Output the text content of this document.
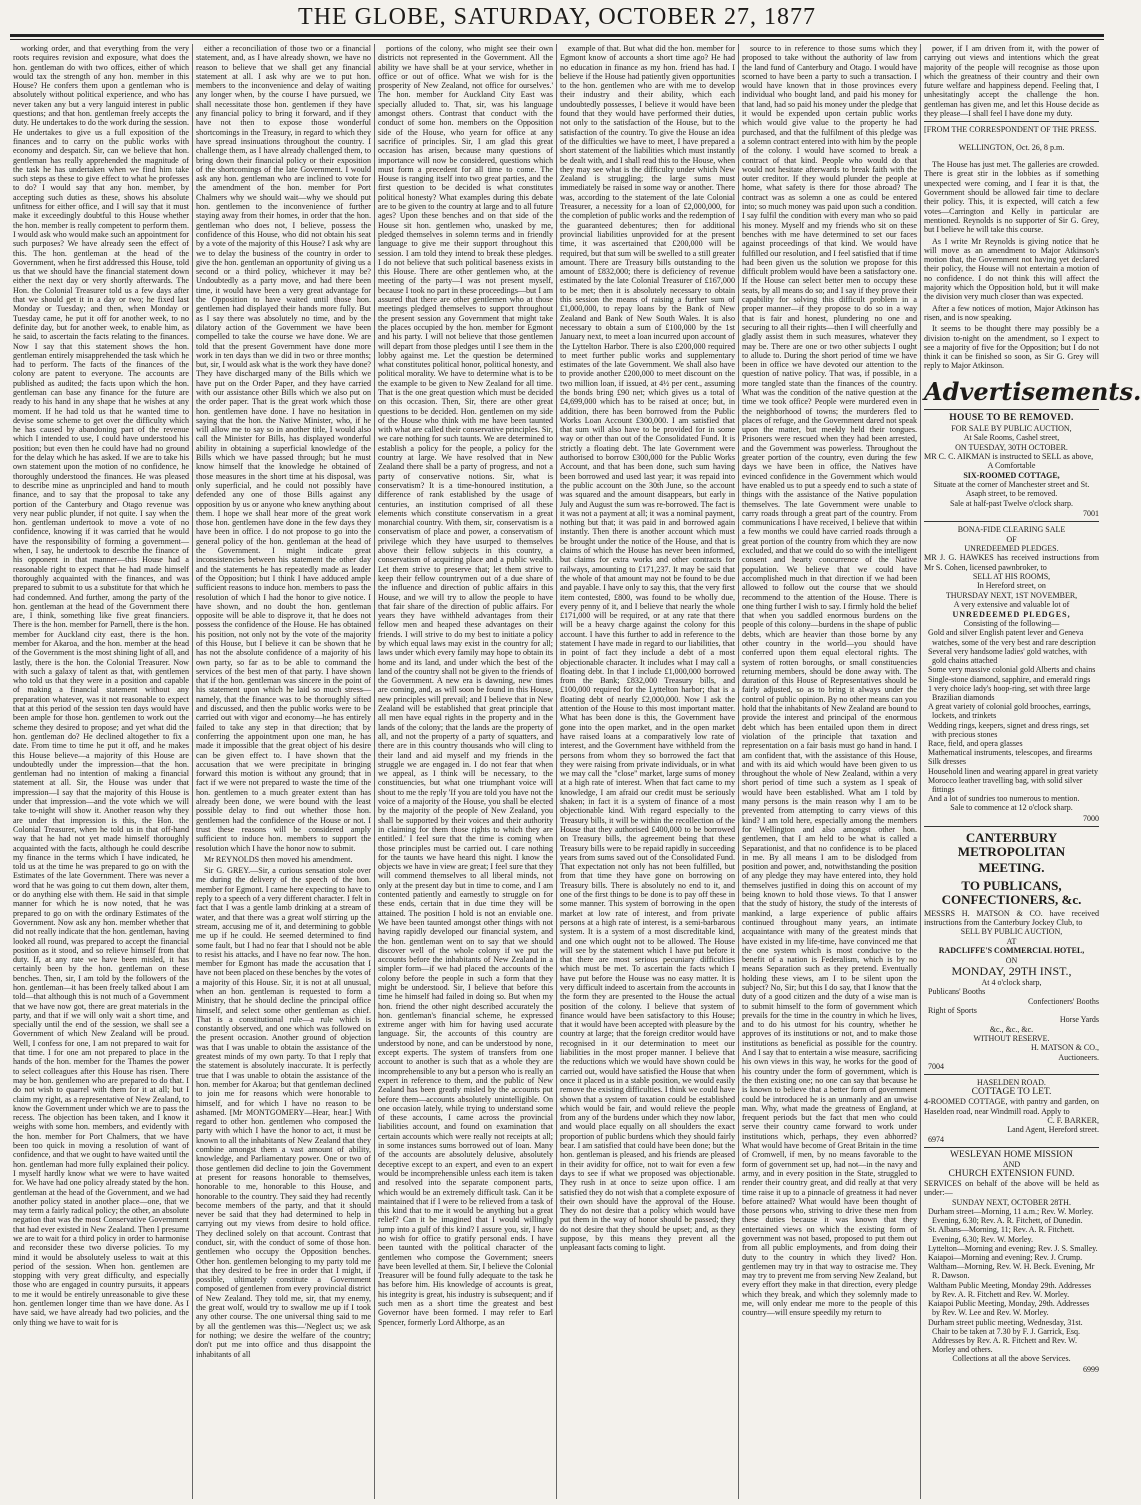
THE GLOBE, SATURDAY, OCTOBER 27, 1877

working order, and that everything from the very roots requires revision and exposure, what does the hon. gentleman do with two offices, either of which would tax the strength of any hon. member in this House? He confers them upon a gentleman who is absolutely without political experience, and who has never taken any but a very languid interest in public questions; and that hon. gentleman freely accepts the duty. He undertakes to do the work during the session. He undertakes to give us a full exposition of the finances and to carry on the public works with economy and despatch. Sir, can we believe that hon. gentleman has really apprehended the magnitude of the task he has undertaken when we find him take such steps as these to give effect to what he professes to do? I would say that any hon. member, by accepting such duties as these, shows his absolute unfitness for either office, and I will say that it must make it exceedingly doubtful to this House whether the hon. member is really competent to perform them. I would ask who would make such an appointment for such purposes? We have already seen the effect of this. The hon. gentleman at the head of the Government, when he first addressed this House, told us that we should have the financial statement down either the next day or very shortly afterwards. The Hon. the Colonial Treasurer told us a few days after that we should get it in a day or two; he fixed last Monday or Tuesday; and then, when Monday or Tuesday came, he put it off for another week, to no definite day, but for another week, to enable him, as he said, to ascertain the facts relating to the finances. Now I say that this statement shows the hon. gentleman entirely misapprehended the task which he had to perform. The facts of the finances of the colony are patent to everyone. The accounts are published as audited; the facts upon which the hon. gentleman can base any finance for the future are ready to his hand in any shape that he wishes at any moment. If he had told us that he wanted time to devise some scheme to get over the difficulty which he has caused by abandoning part of the revenue which I intended to use, I could have understood his position; but even then he could have had no ground for the delay which he has asked. If we are to take his own statement upon the motion of no confidence, he thoroughly understood the finances. He was pleased to describe mine as unprincipled and hand to mouth finance, and to say that the proposal to take any portion of the Canterbury and Otago revenue was very near public plunder, if not quite. I say when the hon. gentleman undertook to move a vote of no confidence, knowing if it was carried that he would have the responsibility of forming a government—when, I say, he undertook to describe the finance of his opponent in that manner—this House had a reasonable right to expect that he had made himself thoroughly acquainted with the finances, and was prepared to submit to us a substitute for that which he had condemned. And further, among the party of the hon. gentleman at the head of the Government there are, I think, something like five great financiers. There is the hon. member for Parnell, there is the hon. member for Auckland city east, there is the hon. member for Akaroa, and the hon. member at the head of the Government is the most shining light of all, and lastly, there is the hon. the Colonial Treasurer. Now with such a galaxy of talent as that, with gentlemen who told us that they were in a position and capable of making a financial statement without any preparation whatever, was it not reasonable to expect that at this period of the session ten days would have been ample for those hon. gentlemen to work out the scheme they desired to propose; and yet what did the hon. gentleman do? He declined altogether to fix a date. From time to time he put it off, and he makes this House believe—a majority of this House are undoubtedly under the impression—that the hon. gentleman had no intention of making a financial statement at all. Sir, the House was under that impression—I say that the majority of this House is under that impression—and the vote which we will take to-night will show it. Another reason why they are under that impression is this, the Hon. the Colonial Treasurer, when he told us in that off-hand way that he had not yet made himself thoroughly acquainted with the facts, although he could describe my finance in the terms which I have indicated, he told us at the time he was prepared to go on with the Estimates of the late Government. There was never a word that he was going to cut them down, alter them, or do anything else with them. He said in that simple manner for which he is now noted, that he was prepared to go on with the ordinary Estimates of the Government. Now ask any hon. member whether that did not really indicate that the hon. gentleman, having looked all round, was prepared to accept the financial position as it stood, and so relieve himself from that duty. If, at any rate we have been misled, it has certainly been by the hon. gentleman on these benches. Then, sir, I am told by the followers of the hon. gentleman—it has been freely talked about I am told—that although this is not much of a Government that we have now got, there are great materials in the party, and that if we will only wait a short time, and specially until the end of the session, we shall see a Government of which New Zealand will be proud. Well, I confess for one, I am not prepared to wait for that time. I for one am not prepared to place in the hands of the hon. member for the Thames the power to select colleagues after this House has risen. There may be hon. gentlemen who are prepared to do that. I do not wish to quarrel with them for it at all; but I claim my right, as a representative of New Zealand, to know the Government under which we are to pass the recess. The objection has been taken, and I know it weighs with some hon. members, and evidently with the hon. member for Port Chalmers, that we have been too quick in moving a resolution of want of confidence, and that we ought to have waited until the hon. gentleman had more fully explained their policy. I myself hardly know what we were to have waited for. We have had one policy already stated by the hon. gentleman at the head of the Government, and we had another policy stated in another place—one, that we may term a fairly radical policy; the other, an absolute negation that was the most Conservative Government that had ever existed in New Zealand. Then I presume we are to wait for a third policy in order to harmonise and reconsider these two diverse policies. To my mind it would be absolutely useless to wait at this period of the session. When hon. gentlemen are stopping with very great difficulty, and especially those who are engaged in country pursuits, it appears to me it would be entirely unreasonable to give these hon. gentlemen longer time than we have done. As I have said, we have already had two policies, and the only thing we have to wait for is

either a reconciliation of those two or a financial statement, and, as I have already shown, we have no reason to believe that we shall get any financial statement at all. I ask why are we to put hon. members to the inconvenience and delay of waiting any longer when, by the course I have pursued, we shall necessitate those hon. gentlemen if they have any financial policy to bring it forward, and if they have not then to expose those wonderful shortcomings in the Treasury, in regard to which they have spread insinuations throughout the country. I challenge them, as I have already challenged them, to bring down their financial policy or their exposition of the shortcomings of the late Government. I would ask any hon. gentleman who are inclined to vote for the amendment of the hon. member for Port Chalmers why we should wait—why we should put hon. gentlemen to the inconvenience of further staying away from their homes, in order that the hon. gentleman who does not, I believe, possess the confidence of this House, who did not obtain his seat by a vote of the majority of this House? I ask why are we to delay the business of the country in order to give the hon. gentleman an opportunity of giving us a second or a third policy, whichever it may be? Undoubtedly as a party move, and had there been time, it would have been a very great advantage for the Opposition to have waited until those hon. gentlemen had displayed their hands more fully. But as I say there was absolutely no time, and by the dilatory action of the Government we have been compelled to take the course we have done. We are told that the present Government have done more work in ten days than we did in two or three months; but, sir, I would ask what is the work they have done? They have discharged many of the Bills which we have put on the Order Paper, and they have carried with our assistance other Bills which we also put on the order paper. That is the great work which those hon. gentlemen have done. I have no hesitation in saying that the hon. the Native Minister, who, if he will allow me to say so in another title, I would also call the Minister for Bills, has displayed wonderful ability in obtaining a superficial knowledge of the Bills which we have passed through; but he must know himself that the knowledge he obtained of those measures in the short time at his disposal, was only superficial, and he could not possibly have defended any one of those Bills against any opposition by us or anyone who knew anything about them. I hope we shall hear more of the great work those hon. gentlemen have done in the few days they have been in office. I do not propose to go into the general policy of the hon. gentleman at the head of the Government. I might indicate great inconsistencies between his statement the other day and the statements he has repeatedly made as leader of the Opposition; but I think I have adduced ample sufficient reasons to induce hon. members to pass the resolution of which I had the honor to give notice. I have shown, and no doubt the hon. gentleman opposite will be able to disprove it, that he does not possess the confidence of the House. He has obtained his position, not only not by the vote of the majority of this House, but I believe it can be shown that he has not the absolute confidence of a majority of his own party, so far as to be able to command the services of the best men of that party. I have shown that if the hon. gentleman was sincere in the point of his statement upon which he laid so much stress—namely, that the finance was to be thoroughly sifted and discussed, and then the public works were to be carried out with vigor and economy—he has entirely failed to take any step in that direction; that by conferring the appointment upon one man, he has made it impossible that the great object of his desire can be given effect to. I have shown that the accusation that we were precipitate in bringing forward this motion is without any ground; that in fact if we were not prepared to waste the time of the hon. gentlemen to a much greater extent than has already been done, we were bound with the least possible delay to find out whether those hon. gentlemen had the confidence of the House or not. I trust these reasons will be considered amply sufficient to induce hon. members to support the resolution which I have the honor now to submit.

Mr REYNOLDS then moved his amendment.

Sir G. GREY.—Sir, a curious sensation stole over me during the delivery of the speech of the hon. member for Egmont. I came here expecting to have to reply to a speech of a very different character. I felt in fact that I was a gentle lamb drinking at a stream of water, and that there was a great wolf stirring up the stream, accusing me of it, and determining to gobble me up if he could. He seemed determined to find some fault, but I had no fear that I should not be able to resist his attacks, and I have no fear now. The hon. member for Egmont has made the accusation that I have not been placed on these benches by the votes of a majority of this House. Sir, it is not at all unusual, when an hon. gentleman is requested to form a Ministry, that he should decline the principal office himself, and select some other gentleman as chief. That is a constitutional rule—a rule which is constantly observed, and one which was followed on the present occasion. Another ground of objection was that I was unable to obtain the assistance of the greatest minds of my own party. To that I reply that the statement is absolutely inaccurate. It is perfectly true that I was unable to obtain the assistance of the hon. member for Akaroa; but that gentleman declined to join me for reasons which were honorable to himself, and for which I have no reason to be ashamed. [Mr MONTGOMERY—Hear, hear.] With regard to other hon. gentlemen who composed the party with which I have the honor to act, it must be known to all the inhabitants of New Zealand that they combine amongst them a vast amount of ability, knowledge, and Parliamentary power. One or two of those gentlemen did decline to join the Government at present for reasons honorable to themselves, honorable to me, honorable to this House, and honorable to the country. They said they had recently become members of the party, and that it should never be said that they had determined to help in carrying out my views from desire to hold office. They declined solely on that account. Contrast that conduct, sir, with the conduct of some of those hon. gentlemen who occupy the Opposition benches. Other hon. gentlemen belonging to my party told me that they desired to be free in order that I might, if possible, ultimately constitute a Government composed of gentlemen from every provincial district of New Zealand. They told me, sir, that my enemy, the great wolf, would try to swallow me up if I took any other course. The one universal thing said to me by all the gentlemen was this—'Neglect us; we ask for nothing; we desire the welfare of the country; don't put me into office and thus disappoint the inhabitants of all

portions of the colony, who might see their own districts not represented in the Government. All the ability we have shall be at your service, whether in office or out of office. What we wish for is the prosperity of New Zealand, not office for ourselves.' The hon. member for Auckland City East was specially alluded to. That, sir, was his language amongst others. Contrast that conduct with the conduct of some hon. members on the Opposition side of the House, who yearn for office at any sacrifice of principles. Sir, I am glad this great occasion has arisen, because many questions of importance will now be considered, questions which must form a precedent for all time to come. The House is ranging itself into two great parties, and the first question to be decided is what constitutes political honesty? What examples during this debate are to be given to the country at large and to all future ages? Upon these benches and on that side of the House sit hon. gentlemen who, unasked by me, pledged themselves in solemn terms and in friendly language to give me their support throughout this session. I am told they intend to break these pledges. I do not believe that such political baseness exists in this House. There are other gentlemen who, at the meeting of the party—I was not present myself, because I took no part in these proceedings—but I am assured that there are other gentlemen who at those meetings pledged themselves to support throughout the present session any Government that might take the places occupied by the hon. member for Egmont and his party. I will not believe that those gentlemen will depart from those pledges until I see them in the lobby against me. Let the question be determined what constitutes political honor, political honesty, and political morality. We have to determine what is to be the example to be given to New Zealand for all time. That is the one great question which must be decided on this occasion. Then, Sir, there are other great questions to be decided. Hon. gentlemen on my side of the House who think with me have been taunted with what are called their conservative principles. Sir, we care nothing for such taunts. We are determined to establish a policy for the people, a policy for the country at large. We have resolved that in New Zealand there shall be a party of progress, and not a party of conservative notions. Sir, what is conservatism? It is a time-honoured institution, a difference of rank established by the usage of centuries, an institution comprised of all these elements which constitute conservatism in a great monarchial country. With them, sir, conservatism is a conservatism of place and power, a conservatism of privilege which they have usurped to themselves above their fellow subjects in this country, a conservatism of acquiring place and a public wealth. Let them strive to preserve that; let them strive to keep their fellow countrymen out of a due share of the influence and direction of public affairs in this House, and we will try to allow the people to have that fair share of the direction of public affairs. For years they have withheld advantages from their fellow men and heaped these advantages on their friends. I will strive to do my best to initiate a policy by which equal laws may exist in the country for all; laws under which every family may hope to obtain its home and its land, and under which the best of the land of the country shall not be given to the friends of the Government. A new era is dawning, new times are coming, and, as will soon be found in this House, new principles will prevail; and I believe that in New Zealand will be established that great principle that all men have equal rights in the property and in the lands of the colony; that the lands are the property of all, and not the property of a party of squatters, and there are in this country thousands who will cling to their land and aid myself and my friends in the struggle we are engaged in. I do not fear that when we appeal, as I think will be necessary, to the constituencies, but what one triumphant voice will shout to me the reply 'If you are told you have not the voice of a majority of the House, you shall be elected by the majority of the people of New Zealand, you shall be supported by their voices and their authority in claiming for them those rights to which they are entitled.' I feel sure that the time is coming when those principles must be carried out. I care nothing for the taunts we have heard this night. I know the objects we have in view are great; I feel sure that they will commend themselves to all liberal minds, not only at the present day but in time to come, and I am contented patiently and earnestly to struggle on for these ends, certain that in due time they will be attained. The position I hold is not an enviable one. We have been taunted amongst other things with not having rapidly developed our financial system, and the hon. gentleman went on to say that we should discover well of the whole colony if we put the accounts before the inhabitants of New Zealand in a simpler form—if we had placed the accounts of the colony before the people in such a form that they might be understood. Sir, I believe that before this time he himself had failed in doing so. But when my hon. friend the other night described accurately the hon. gentleman's financial scheme, he expressed extreme anger with him for having used accurate language. Sir, the accounts of this country are understood by none, and can be understood by none, except experts. The system of transfers from one account to another is such that as a whole they are incomprehensible to any but a person who is really an expert in reference to them, and the public of New Zealand has been greatly misled by the accounts put before them—accounts absolutely unintelligible. On one occasion lately, while trying to understand some of these accounts, I came across the provincial liabilities account, and found on examination that certain accounts which were really not receipts at all; in some instances sums borrowed out of loan. Many of the accounts are absolutely delusive, absolutely deceptive except to an expert, and even to an expert would be incomprehensible unless each item is taken and resolved into the separate component parts, which would be an extremely difficult task. Can it be maintained that if I were to be relieved from a task of this kind that to me it would be anything but a great relief? Can it be imagined that I would willingly jump into a gulf of this kind? I assure you, sir, I have no wish for office to gratify personal ends. I have been taunted with the political character of the gentlemen who compose the Government; sneers have been levelled at them. Sir, I believe the Colonial Treasurer will be found fully adequate to the task he has before him. His knowledge of accounts is great, his integrity is great, his industry is subsequent; and if such men as a short time the greatest and best Governor have been formed. I may refer to Earl Spencer, formerly Lord Althorpe, as an

example of that. But what did the hon. member for Egmont know of accounts a short time ago? He had no education in finance as my hon. friend has had. I believe if the House had patiently given opportunities to the hon. gentlemen who are with me to develop their industry and their ability, which each undoubtedly possesses, I believe it would have been found that they would have performed their duties, not only to the satisfaction of the House, but to the satisfaction of the country. To give the House an idea of the difficulties we have to meet, I have prepared a short statement of the liabilities which must instantly be dealt with, and I shall read this to the House, when they may see what is the difficulty under which New Zealand is struggling; the large sums must immediately be raised in some way or another. There was, according to the statement of the late Colonial Treasurer, a necessity for a loan of £2,000,000, for the completion of public works and the redemption of the guaranteed debentures; then for additional provincial liabilities unprovided for at the present time, it was ascertained that £200,000 will be required, but that sum will be swelled to a still greater amount. There are Treasury bills outstanding to the amount of £832,000; there is deficiency of revenue estimated by the late Colonial Treasurer of £167,000 to be met; then it is absolutely necessary to obtain this session the means of raising a further sum of £1,000,000, to repay loans by the Bank of New Zealand and Bank of New South Wales. It is also necessary to obtain a sum of £100,000 by the 1st January next, to meet a loan incurred upon account of the Lyttelton Harbor. There is also £200,000 required to meet further public works and supplementary estimates of the late Government. We shall also have to provide another £200,000 to meet discount on the two million loan, if issued, at 4½ per cent., assuming the bonds bring £90 net; which gives us a total of £4,699,000 which has to be raised at once; but, in addition, there has been borrowed from the Public Works Loan Account £300,000. I am satisfied that that sum will also have to be provided for in some way or other than out of the Consolidated Fund. It is strictly a floating debt. The late Government were authorised to borrow £300,000 for the Public Works Account, and that has been done, such sum having been borrowed and used last year; it was repaid into the public account on the 30th June, so the account was squared and the amount disappears, but early in July and August the sum was re-borrowed. The fact is it was not a payment at all; it was a nominal payment, nothing but that; it was paid in and borrowed again instantly. Then there is another account which must be brought under the notice of the House, and that is claims of which the House has never been informed, but claims for extra works and other contracts for railways, amounting to £171,237. It may be said that the whole of that amount may not be found to be due and payable. I have only to say this, that the very first item contested, £800, was found to be wholly due, every penny of it, and I believe that nearly the whole £171,000 will be required, or at any rate that there will be a heavy charge against the colony for this account. I have this further to add in reference to the statement I have made in regard to our liabilities, that in point of fact they include a debt of a most objectionable character. It includes what I may call a floating debt. In that I include £1,000,000 borrowed from the Bank; £832,000 Treasury bills, and £100,000 required for the Lyttelton harbor; that is a floating debt of nearly £2,000,000. Now I ask the attention of the House to this most important matter. What has been done is this, the Government have gone into the open market, and in the open market have raised loans at a comparatively low rate of interest, and the Government have withheld from the persons from whom they so borrowed the fact that they were raising from private individuals, or in what we may call the "close" market, large sums of money at a high rate of interest. When that fact came to my knowledge, I am afraid our credit must be seriously shaken; in fact it is a system of finance of a most objectionable kind. With regard especially to the Treasury bills, it will be within the recollection of the House that they authorised £400,000 to be borrowed on Treasury bills, the agreement being that these Treasury bills were to be repaid rapidly in succeeding years from sums saved out of the Consolidated Fund. That expectation not only has not been fulfilled, but from that time they have gone on borrowing on Treasury bills. There is absolutely no end to it, and one of the first things to be done is to pay off these in some manner. This system of borrowing in the open market at low rate of interest, and from private persons at a high rate of interest, is a semi-barbarous system. It is a system of a most discreditable kind, and one which ought not to be allowed. The House will see by the statement which I have put before it that there are most serious pecuniary difficulties which must be met. To ascertain the facts which I have put before the House was no easy matter. It is very difficult indeed to ascertain from the accounts in the form they are presented to the House the actual position of the colony. I believe that system of finance would have been satisfactory to this House; that it would have been accepted with pleasure by the country at large; that the foreign creditor would have recognised in it our determination to meet our liabilities in the most proper manner. I believe that the reductions which we would have shown could be carried out, would have satisfied the House that when once it placed us in a stable position, we would easily remove the existing difficulties. I think we could have shown that a system of taxation could be established which would be fair, and would relieve the people from any of the burdens under which they now labor, and would place equally on all shoulders the exact proportion of public burdens which they should fairly bear. I am satisfied that could have been done; but the hon. gentleman is pleased, and his friends are pleased in their avidity for office, not to wait for even a few days to see if what we proposed was objectionable. They rush in at once to seize upon office. I am satisfied they do not wish that a complete exposure of their own should have the approval of the House. They do not desire that a policy which would have put them in the way of honor should be passed; they do not desire that they should be upset; and, as they suppose, by this means they prevent all the unpleasant facts coming to light.

source to in reference to those sums which they proposed to take without the authority of law from the land fund of Canterbury and Otago. I would have scorned to have been a party to such a transaction. I would have known that in those provinces every individual who bought land, and paid his money for that land, had so paid his money under the pledge that it would be expended upon certain public works which would give value to the property he had purchased, and that the fulfilment of this pledge was a solemn contract entered into with him by the people of the colony. I would have scorned to break a contract of that kind. People who would do that would not hesitate afterwards to break faith with the outer creditor. If they would plunder the people at home, what safety is there for those abroad? The contract was as solemn a one as could be entered into; so much money was paid upon such a condition. I say fulfil the condition with every man who so paid his money. Myself and my friends who sit on these benches with me have determined to set our faces against proceedings of that kind. We would have fulfilled our resolution, and I feel satisfied that if time had been given us the solution we propose for this difficult problem would have been a satisfactory one. If the House can select better men to occupy these seats, by all means do so; and I say if they prove their capability for solving this difficult problem in a proper manner—if they propose to do so in a way that is fair and honest, plundering no one and securing to all their rights—then I will cheerfully and gladly assist them in such measures, whatever they may be. There are one or two other subjects I ought to allude to. During the short period of time we have been in office we have devoted our attention to the question of native policy. That was, if possible, in a more tangled state than the finances of the country. What was the condition of the native question at the time we took office? People were murdered even in the neighborhood of towns; the murderers fled to places of refuge, and the Government dared not speak upon the matter, but meekly held their tongues. Prisoners were rescued when they had been arrested, and the Government was powerless. Throughout the greater portion of the country, even during the few days we have been in office, the Natives have evinced confidence in the Government which would have enabled us to put a speedy end to such a state of things with the assistance of the Native population themselves. The late Government were unable to carry roads through a great part of the country. From communications I have received, I believe that within a few months we could have carried roads through a great portion of the country from which they are now excluded, and that we could do so with the intelligent consent and hearty concurrence of the Native population. We believe that we could have accomplished much in that direction if we had been allowed to follow out the course that we should recommend to the attention of the House. There is one thing further I wish to say. I firmly hold the belief that when you saddled enormous burdens on the people of this colony—burdens in the shape of public debts, which are heavier than those borne by any other country in the world—you should have conferred upon them equal electoral rights. The system of rotten boroughs, or small constituencies returning members, should be done away with. The duration of this House of Representatives should be fairly adjusted, so as to bring it always under the control of public opinion. By no other means can you hold that the inhabitants of New Zealand are bound to provide the interest and principal of the enormous debt which has been entailed upon them in direct violation of the principle that taxation and representation on a fair basis must go hand in hand. I am confident that, with the assistance of this House, and with its aid which would have been given to us throughout the whole of New Zealand, within a very short period of time such a system as I speak of would have been established. What am I told by many persons is the main reason why I am to be prevented from attempting to carry views of this kind? I am told here, especially among the members for Wellington and also amongst other hon. gentlemen, that I am held to be what is called a Separationist, and that no confidence is to be placed in me. By all means I am to be dislodged from position and power, and, notwithstanding the position of any pledge they may have entered into, they hold themselves justified in doing this on account of my being known to hold those views. To that I answer that the study of history, the study of the interests of mankind, a large experience of public affairs continued throughout many years, an intimate acquaintance with many of the greatest minds that have existed in my life-time, have convinced me that the one system which is most conducive to the benefit of a nation is Federalism, which is by no means Separation such as they pretend. Eventually holding these views, am I to be silent upon the subject? No, Sir; but this I do say, that I know that the duty of a good citizen and the duty of a wise man is to submit himself to the form of government which prevails for the time in the country in which he lives, and to do his utmost for his country, whether he approves of its institutions or not, and to make those institutions as beneficial as possible for the country. And I say that to entertain a wise measure, sacrificing his own views in this way, he works for the good of his country under the form of government, which is the then existing one; no one can say that because he is known to believe that a better form of government could be introduced he is an unmanly and an unwise man. Why, what made the greatness of England, at frequent periods but the fact that men who could serve their country came forward to work under institutions which, perhaps, they even abhorred? What would have become of Great Britain in the time of Cromwell, if men, by no means favorable to the form of government set up, had not—in the navy and army, and in every position in the State, struggled to render their country great, and did really at that very time raise it up to a pinnacle of greatness it had never before attained? What would have been thought of those persons who, striving to drive these men from these duties because it was known that they entertained views on which the existing form of government was not based, proposed to put them out from all public employments, and from doing their duty to the country in which they lived? Hon. gentlemen may try in that way to ostracise me. They may try to prevent me from serving New Zealand, but every effort they make in that direction, every pledge which they break, and which they solemnly made to me, will only endear me more to the people of this country—will ensure speedily my return to

power, if I am driven from it, with the power of carrying out views and intentions which the great majority of the people will recognise as those upon which the greatness of their country and their own future welfare and happiness depend. Feeling that, I unhesitatingly accept the challenge the hon. gentleman has given me, and let this House decide as they please—I shall feel I have done my duty.

[FROM THE CORRESPONDENT OF THE PRESS.

WELLINGTON, Oct. 26, 8 p.m.

The House has just met. The galleries are crowded. There is great stir in the lobbies as if something unexpected were coming, and I fear it is that, the Government should be allowed fair time to declare their policy. This, it is expected, will catch a few votes—Carrington and Kelly in particular are mentioned. Reynolds is no supporter of Sir G. Grey, but I believe he will take this course.

As I write Mr Reynolds is giving notice that he will move as an amendment to Major Atkinson's motion that, the Government not having yet declared their policy, the House will not entertain a motion of no confidence. I do not think this will affect the majority which the Opposition hold, but it will make the division very much closer than was expected.

After a few notices of motion, Major Atkinson has risen, and is now speaking.

It seems to be thought there may possibly be a division to-night on the amendment, so I expect to see a majority of five for the Opposition; but I do not think it can be finished so soon, as Sir G. Grey will reply to Major Atkinson.

Advertisements.
HOUSE TO BE REMOVED.

FOR SALE BY PUBLIC AUCTION,

At Sale Rooms, Cashel street,

ON TUESDAY, 30TH OCTOBER.

MR C. C. AIKMAN is instructed to SELL as above,

A Comfortable

SIX-ROOMED COTTAGE,

Situate at the corner of Manchester street and St. Asaph street, to be removed.

Sale at half-past Twelve o'clock sharp.

7001

BONA-FIDE CLEARING SALE

OF

UNREDEEMED PLEDGES.

MR J. G. HAWKES has received instructions from Mr S. Cohen, licensed pawnbroker, to

SELL AT HIS ROOMS,

In Hereford street, on

THURSDAY NEXT, 1ST NOVEMBER,

A very extensive and valuable lot of

UNREDEEMED PLEDGES,

Consisting of the following—

Gold and silver English patent lever and Geneva watches, some of the very best and rare description

Several very handsome ladies' gold watches, with gold chains attached

Some very massive colonial gold Alberts and chains

Single-stone diamond, sapphire, and emerald rings

1 very choice lady's hoop-ring, set with three large Brazilian diamonds

A great variety of colonial gold brooches, earrings, lockets, and trinkets

Wedding rings, keepers, signet and dress rings, set with precious stones

Race, field, and opera glasses

Mathematical instruments, telescopes, and firearms

Silk dresses

Household linen and wearing apparel in great variety

Morocco leather travelling bag, with solid silver fittings

And a lot of sundries too numerous to mention.

Sale to commence at 12 o'clock sharp.

7000

CANTERBURY METROPOLITAN
MEETING.
TO PUBLICANS, CONFECTIONERS, &c.

MESSRS H. MATSON & CO. have received instructions from the Canterbury Jockey Club, to

SELL BY PUBLIC AUCTION,

AT

RADCLIFFE'S COMMERCIAL HOTEL,

ON

MONDAY, 29TH INST.,

At 4 o'clock sharp,

Publicans' Booths

Confectioners' Booths

Right of Sports

Horse Yards

&c., &c., &c.

WITHOUT RESERVE.

H. MATSON & CO.,

Auctioneers.

7004

HASELDEN ROAD.

COTTAGE TO LET.

4-ROOMED COTTAGE, with pantry and garden, on Haselden road, near Windmill road. Apply to

C. F. BARKER,

Land Agent, Hereford street.

6974

WESLEYAN HOME MISSION

AND

CHURCH EXTENSION FUND.

SERVICES on behalf of the above will be held as under:—

SUNDAY NEXT, OCTOBER 28TH.

Durham street—Morning, 11 a.m.; Rev. W. Morley. Evening, 6.30; Rev. A. R. Fitchett, of Dunedin.

St. Albans—Morning, 11; Rev. A. R. Fitchett. Evening, 6.30; Rev. W. Morley.

Lyttelton—Morning and evening; Rev. J. S. Smalley.

Kaiapoi—Morning and evening; Rev. J. Crump.

Waltham—Morning, Rev. W. H. Beck. Evening, Mr R. Dawson.

Waltham Public Meeting, Monday 29th. Addresses by Rev. A. R. Fitchett and Rev. W. Morley.

Kaiapoi Public Meeting, Monday, 29th. Addresses by Rev. W. Lee and Rev. W. Morley.

Durham street public meeting, Wednesday, 31st. Chair to be taken at 7.30 by F. J. Garrick, Esq. Addresses by Rev. A. R. Fitchett and Rev. W. Morley and others.

Collections at all the above Services.

6999
